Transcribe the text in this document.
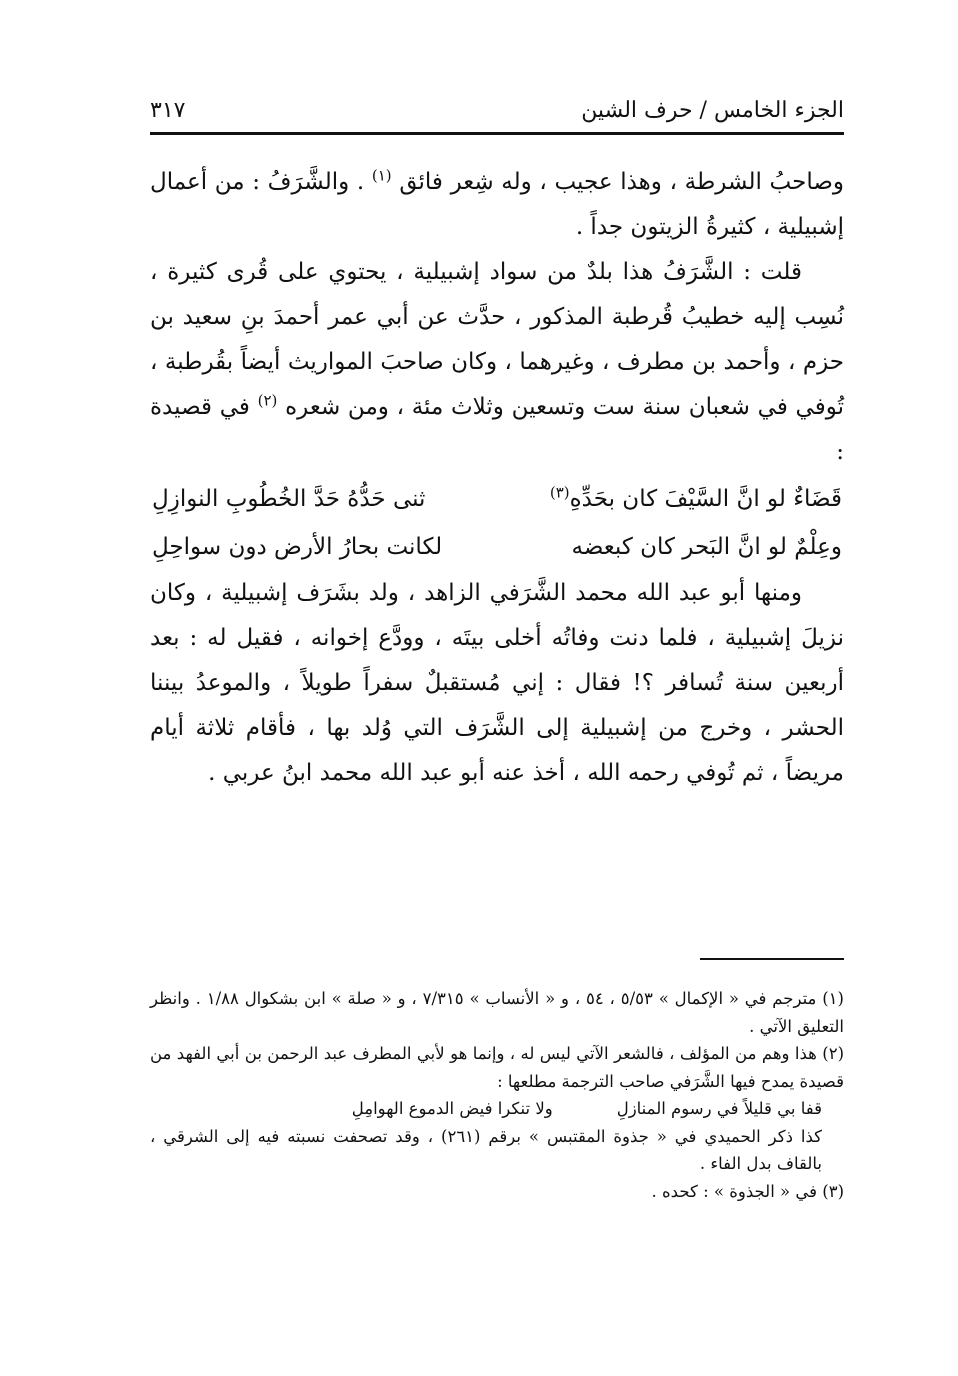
الجزء الخامس / حرف الشين
٣١٧

وصاحبُ الشرطة ، وهذا عجيب ، وله شِعر فائق $^{(١)}$ . والشَّرَفُ : من أعمال إشبيلية ، كثيرةُ الزيتون جداً .

قلت : الشَّرَفُ هذا بلدٌ من سواد إشبيلية ، يحتوي على قُرى كثيرة ، نُسِب إليه خطيبُ قُرطبة المذكور ، حدَّث عن أبي عمر أحمدَ بنِ سعيد بن حزم ، وأحمد بن مطرف ، وغيرهما ، وكان صاحبَ المواريث أيضاً بقُرطبة ، تُوفي في شعبان سنة ست وتسعين وثلاث مئة ، ومن شعره $^{(٢)}$ في قصيدة :

قَضَاءٌ لو انَّ السَّيْفَ كان بحَدِّهِ$^{(٣)}$
ثنى حَدُّهُ حَدَّ الخُطُوبِ النوازِلِ
وعِلْمٌ لو انَّ البَحر كان كبعضه
لكانت بحارُ الأرض دون سواحِلِ

ومنها أبو عبد الله محمد الشَّرَفي الزاهد ، ولد بشَرَف إشبيلية ، وكان نزيلَ إشبيلية ، فلما دنت وفاتُه أخلى بيتَه ، وودَّع إخوانه ، فقيل له : بعد أربعين سنة تُسافر ؟! فقال : إني مُستقبلٌ سفراً طويلاً ، والموعدُ بيننا الحشر ، وخرج من إشبيلية إلى الشَّرَف التي وُلد بها ، فأقام ثلاثة أيام مريضاً ، ثم تُوفي رحمه الله ، أخذ عنه أبو عبد الله محمد ابنُ عربي .

(١) مترجم في « الإكمال » ٥/٥٣ ، ٥٤ ، و « الأنساب » ٧/٣١٥ ، و « صلة » ابن بشكوال ١/٨٨ . وانظر التعليق الآتي .

(٢) هذا وهم من المؤلف ، فالشعر الآتي ليس له ، وإنما هو لأبي المطرف عبد الرحمن بن أبي الفهد من قصيدة يمدح فيها الشَّرَفي صاحب الترجمة مطلعها :

قفا بي قليلاً في رسوم المنازلِ
ولا تنكرا فيض الدموع الهوامِلِ

كذا ذكر الحميدي في « جذوة المقتبس » برقم (٢٦١) ، وقد تصحفت نسبته فيه إلى الشرقي ، بالقاف بدل الفاء .

(٣) في « الجذوة » : كحده .
